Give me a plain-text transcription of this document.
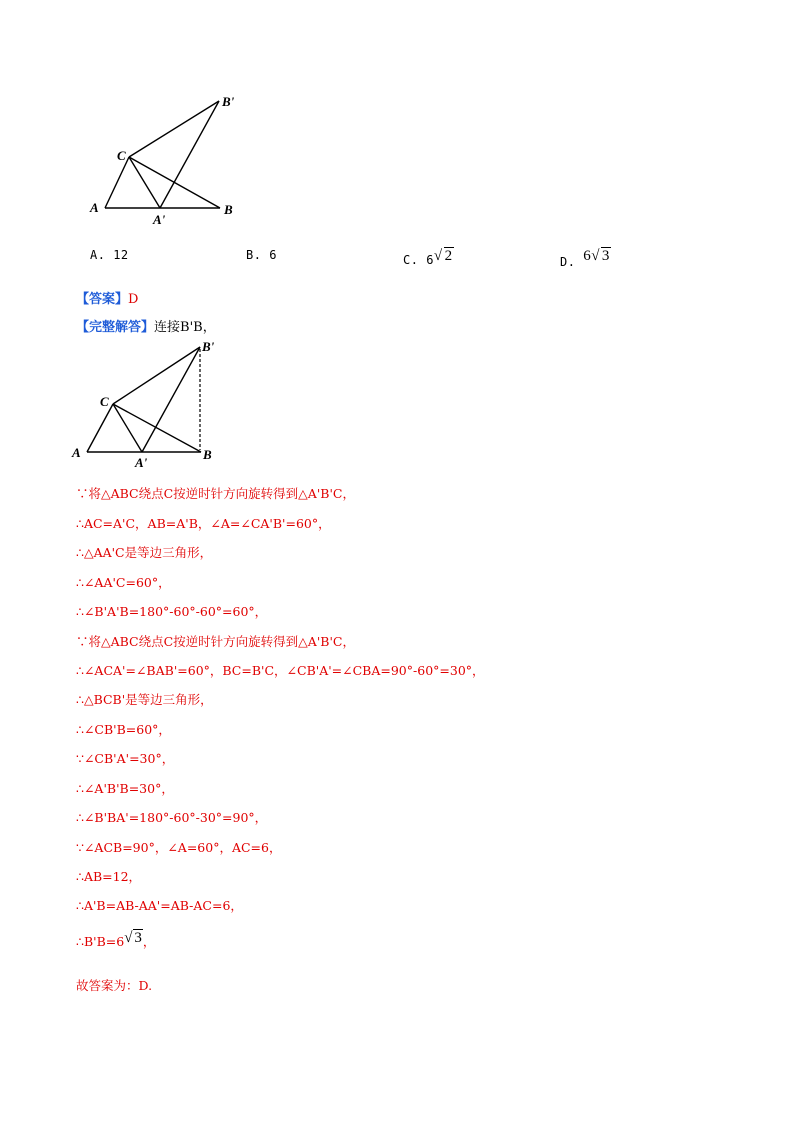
A	B
C
A'
B'
A. 12	B. 6	C. 6√ 2	D. 6√ 3
【答案】D
【完整解答】连接B'B，
A	B
C
A'
B'
∵将△ABC绕点C按逆时针方向旋转得到△A'B'C，
∴AC=A'C，AB=A'B，∠A=∠CA'B'=60°，
∴△AA'C是等边三角形，
∴∠AA'C=60°，
∴∠B'A'B=180°-60°-60°=60°，
∵将△ABC绕点C按逆时针方向旋转得到△A'B'C，
∴∠ACA'=∠BAB'=60°，BC=B'C，∠CB'A'=∠CBA=90°-60°=30°，
∴△BCB'是等边三角形，
∴∠CB'B=60°，
∵∠CB'A'=30°，
∴∠A'B'B=30°，
∴∠B'BA'=180°-60°-30°=90°，
∵∠ACB=90°，∠A=60°，AC=6，
∴AB=12，
∴A'B=AB-AA'=AB-AC=6，
∴B'B=6√ 3，
故答案为：D.
